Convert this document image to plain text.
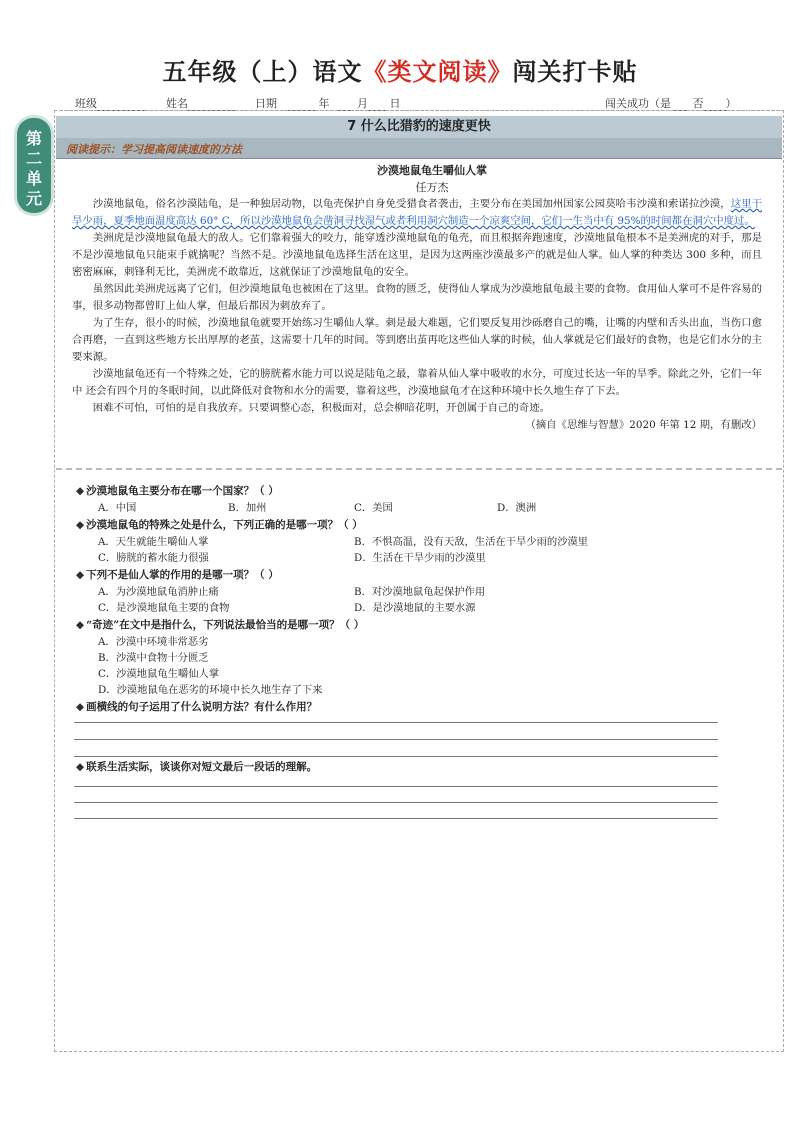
五年级（上）语文《类文阅读》闯关打卡贴
班级	姓名	日期	年	月 日	闯关成功（是 否 ）
第
二
单
元
7 什么比猎豹的速度更快
阅读提示：学习提高阅读速度的方法
沙漠地鼠龟生嚼仙人掌
任万杰

沙漠地鼠龟，俗名沙漠陆龟，是一种独居动物，以龟壳保护自身免受猎食者袭击，主要分布在美国加州国家公园莫哈韦沙漠和索诺拉沙漠，这里干旱少雨，夏季地面温度高达 60° C，所以沙漠地鼠龟会凿洞寻找湿气或者利用洞穴制造一个凉爽空间，它们一生当中有 95%的时间都在洞穴中度过。

美洲虎是沙漠地鼠龟最大的敌人。它们靠着强大的咬力，能穿透沙漠地鼠龟的龟壳，而且根据奔跑速度，沙漠地鼠龟根本不是美洲虎的对手，那是不是沙漠地鼠龟只能束手就擒呢？当然不是。沙漠地鼠龟选择生活在这里，是因为这两座沙漠最多产的就是仙人掌。仙人掌的种类达 300 多种，而且密密麻麻，刺锋利无比，美洲虎不敢靠近，这就保证了沙漠地鼠龟的安全。

虽然因此美洲虎远离了它们，但沙漠地鼠龟也被困在了这里。食物的匮乏，使得仙人掌成为沙漠地鼠龟最主要的食物。食用仙人掌可不是件容易的事，很多动物都曾盯上仙人掌，但最后都因为刺放弃了。

为了生存，很小的时候，沙漠地鼠龟就要开始练习生嚼仙人掌。刺是最大难题，它们要反复用沙砾磨自己的嘴，让嘴的内壁和舌头出血，当伤口愈合再磨，一直到这些地方长出厚厚的老茧，这需要十几年的时间。等到磨出茧再吃这些仙人掌的时候，仙人掌就是它们最好的食物，也是它们水分的主要来源。

沙漠地鼠龟还有一个特殊之处，它的膀胱蓄水能力可以说是陆龟之最，靠着从仙人掌中吸收的水分，可度过长达一年的旱季。除此之外，它们一年中 还会有四个月的冬眠时间，以此降低对食物和水分的需要，靠着这些，沙漠地鼠龟才在这种环境中长久地生存了下去。

困难不可怕，可怕的是自我放弃。只要调整心态，积极面对，总会柳暗花明，开创属于自己的奇迹。

（摘自《思维与智慧》2020 年第 12 期，有删改）
◆ 沙漠地鼠龟主要分布在哪一个国家？（ ）
A．中国	B．加州	C．美国	D．澳洲
◆ 沙漠地鼠龟的特殊之处是什么，下列正确的是哪一项？（ ）
A．天生就能生嚼仙人掌	B．不惧高温，没有天敌，生活在干旱少雨的沙漠里
C．膀胱的蓄水能力很强	D．生活在干旱少雨的沙漠里
◆ 下列不是仙人掌的作用的是哪一项？（ ）
A．为沙漠地鼠龟消肿止痛	B．对沙漠地鼠龟起保护作用
C．是沙漠地鼠龟主要的食物	D．是沙漠地鼠的主要水源
◆ “奇迹”在文中是指什么，下列说法最恰当的是哪一项？（ ）
A．沙漠中环境非常恶劣
B．沙漠中食物十分匮乏
C．沙漠地鼠龟生嚼仙人掌
D．沙漠地鼠龟在恶劣的环境中长久地生存了下来
◆ 画横线的句子运用了什么说明方法？有什么作用？
◆ 联系生活实际，谈谈你对短文最后一段话的理解。
